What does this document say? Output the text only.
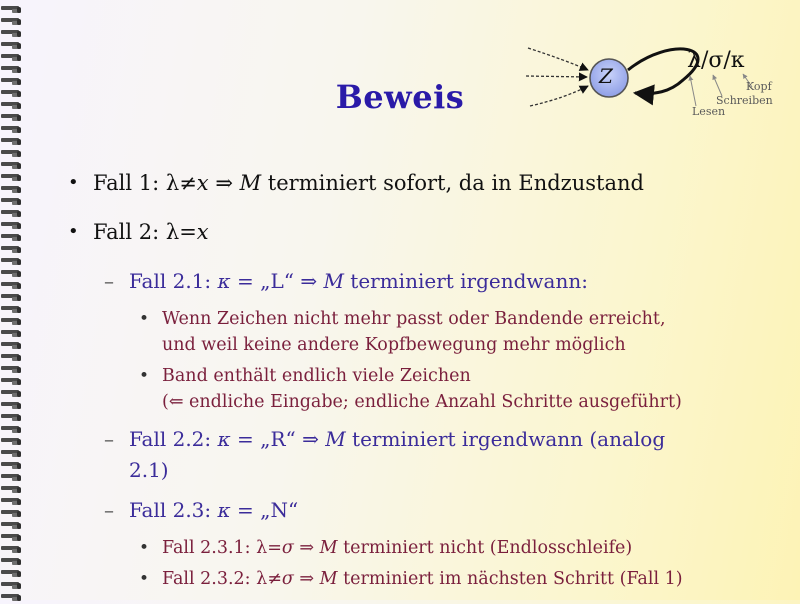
Beweis
Z
λ/σ/κ
Kopf
Schreiben
Lesen
• Fall 1: λ≠x ⇒ M terminiert sofort, da in Endzustand
• Fall 2: λ=x
– Fall 2.1: κ = „L“ ⇒ M terminiert irgendwann:
• Wenn Zeichen nicht mehr passt oder Bandende erreicht,
und weil keine andere Kopfbewegung mehr möglich
• Band enthält endlich viele Zeichen
(⇐ endliche Eingabe; endliche Anzahl Schritte ausgeführt)
– Fall 2.2: κ = „R“ ⇒ M terminiert irgendwann (analog
2.1)
– Fall 2.3: κ = „N“
• Fall 2.3.1: λ=σ ⇒ M terminiert nicht (Endlosschleife)
• Fall 2.3.2: λ≠σ ⇒ M terminiert im nächsten Schritt (Fall 1)
